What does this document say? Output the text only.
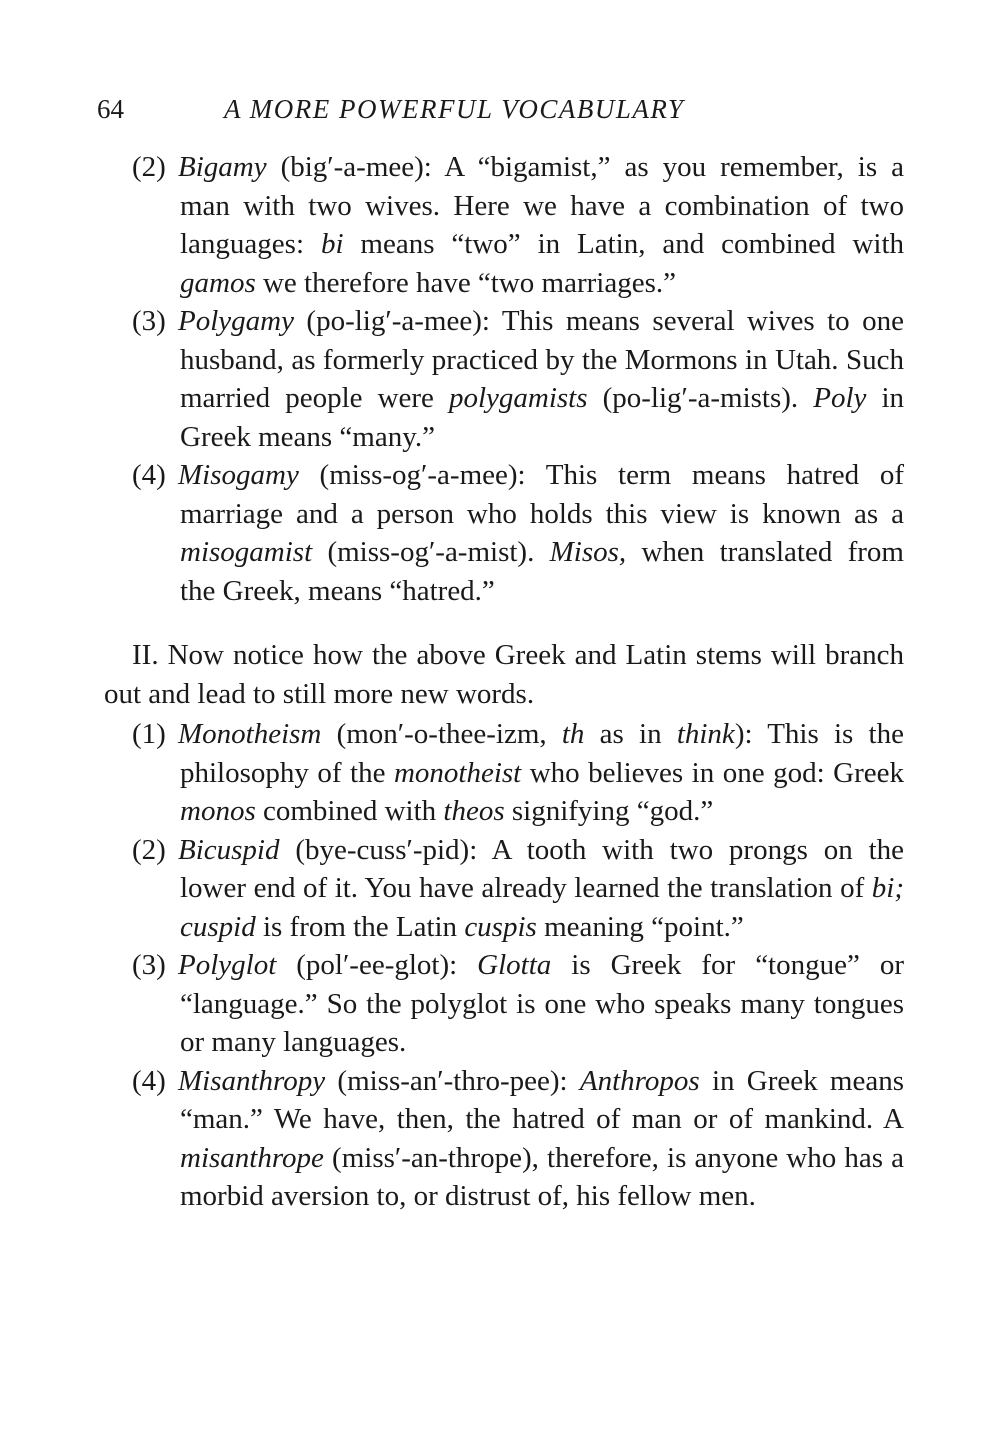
64	A MORE POWERFUL VOCABULARY

(2) Bigamy (big′-a-mee): A “bigamist,” as you remember, is a man with two wives. Here we have a combination of two languages: bi means “two” in Latin, and combined with gamos we therefore have “two marriages.”

(3) Polygamy (po-lig′-a-mee): This means several wives to one husband, as formerly practiced by the Mormons in Utah. Such married people were polygamists (po-lig′-a-mists). Poly in Greek means “many.”

(4) Misogamy (miss-og′-a-mee): This term means hatred of marriage and a person who holds this view is known as a misogamist (miss-og′-a-mist). Misos, when translated from the Greek, means “hatred.”

II. Now notice how the above Greek and Latin stems will branch out and lead to still more new words.

(1) Monotheism (mon′-o-thee-izm, th as in think): This is the philosophy of the monotheist who believes in one god: Greek monos combined with theos signifying “god.”

(2) Bicuspid (bye-cuss′-pid): A tooth with two prongs on the lower end of it. You have already learned the translation of bi; cuspid is from the Latin cuspis meaning “point.”

(3) Polyglot (pol′-ee-glot): Glotta is Greek for “tongue” or “language.” So the polyglot is one who speaks many tongues or many languages.

(4) Misanthropy (miss-an′-thro-pee): Anthropos in Greek means “man.” We have, then, the hatred of man or of mankind. A misanthrope (miss′-an-thrope), therefore, is anyone who has a morbid aversion to, or distrust of, his fellow men.
